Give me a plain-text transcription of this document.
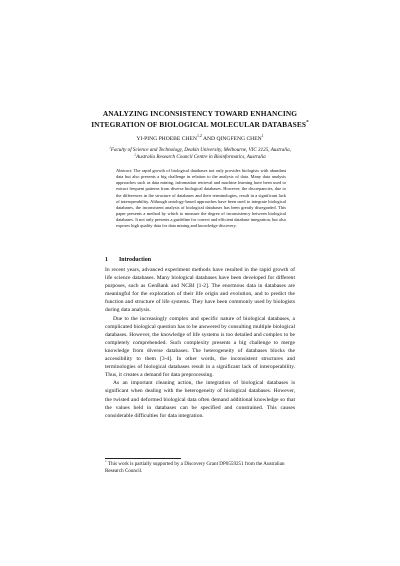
ANALYZING INCONSISTENCY TOWARD ENHANCING
INTEGRATION OF BIOLOGICAL MOLECULAR DATABASES*
YI-PING PHOEBE CHEN$^{1,2}$ AND QINGFENG CHEN$^1$
$^1$Faculty of Science and Technology, Deakin University, Melbourne, VIC 3125, Australia,
$^2$Australia Research Council Centre in Bioinformatics, Australia
Abstract: The rapid growth of biological databases not only provides biologists with abundant data but also presents a big challenge in relation to the analysis of data. Many data analysis approaches such as data mining, information retrieval and machine learning have been used to extract frequent patterns from diverse biological databases. However, the discrepancies, due to the differences in the structure of databases and their terminologies, result in a significant lack of interoperability. Although ontology-based approaches have been used to integrate biological databases, the inconsistent analysis of biological databases has been greatly disregarded. This paper presents a method by which to measure the degree of inconsistency between biological databases. It not only presents a guideline for correct and efficient database integration, but also exposes high quality data for data mining and knowledge discovery.
1 Introduction

In recent years, advanced experiment methods have resulted in the rapid growth of life science databases. Many biological databases have been developed for different purposes, such as GenBank and NCBI [1-2]. The enormous data in databases are meaningful for the exploration of their life origin and evolution, and to predict the function and structure of life systems. They have been commonly used by biologists during data analysis.

Due to the increasingly complex and specific nature of biological databases, a complicated biological question has to be answered by consulting multiple biological databases. However, the knowledge of life systems is too detailed and complex to be completely comprehended. Such complexity presents a big challenge to merge knowledge from diverse databases. The heterogeneity of databases blocks the accessibility to them [3-4]. In other words, the inconsistent structures and terminologies of biological databases result in a significant lack of interoperability. Thus, it creates a demand for data preprocessing.

As an important cleaning action, the integration of biological databases is significant when dealing with the heterogeneity of biological databases. However, the twisted and deformed biological data often demand additional knowledge so that the values held in databases can be specified and constrained. This causes considerable difficulties for data integration.

* This work is partially supported by a Discovery Grant DP0559251 from the Australian Research Council.
